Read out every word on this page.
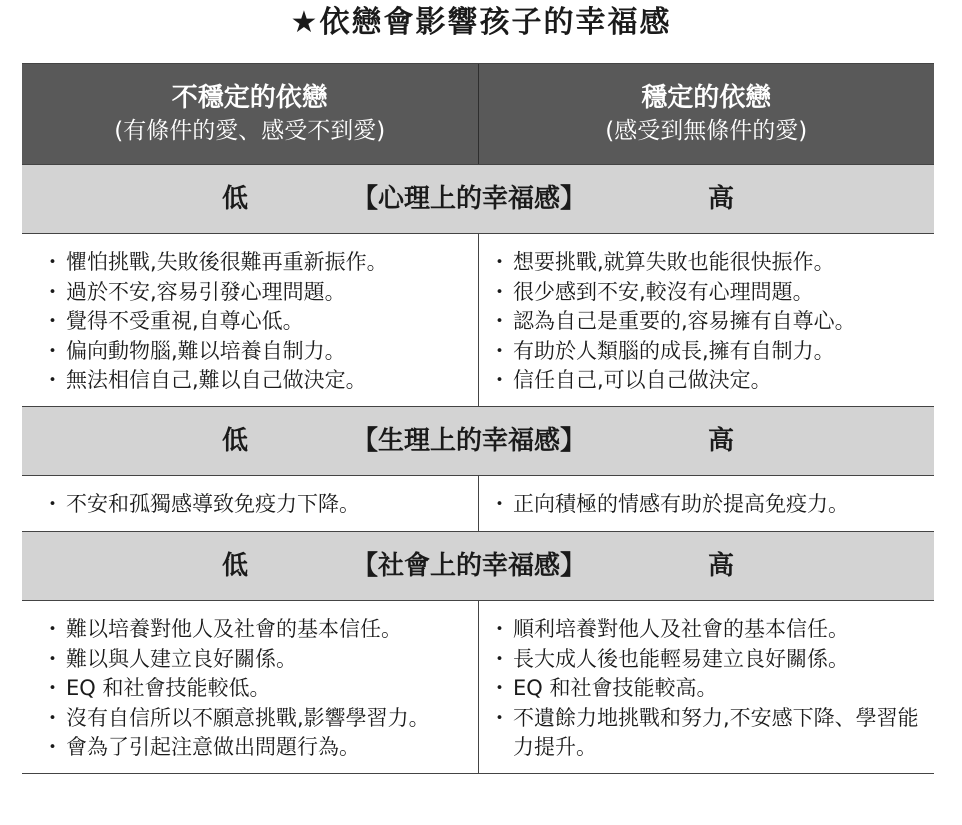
★依戀會影響孩子的幸福感
不穩定的依戀
(有條件的愛、感受不到愛)
穩定的依戀
(感受到無條件的愛)
低	【心理上的幸福感】	高
・ 懼怕挑戰,失敗後很難再重新振作。
・ 過於不安,容易引發心理問題。
・ 覺得不受重視,自尊心低。
・ 偏向動物腦,難以培養自制力。
・ 無法相信自己,難以自己做決定。
・ 想要挑戰,就算失敗也能很快振作。
・ 很少感到不安,較沒有心理問題。
・ 認為自己是重要的,容易擁有自尊心。
・ 有助於人類腦的成長,擁有自制力。
・ 信任自己,可以自己做決定。
低	【生理上的幸福感】	高
・ 不安和孤獨感導致免疫力下降。
・	正向積極的情感有助於提高免疫力。
低	【社會上的幸福感】	高
・ 難以培養對他人及社會的基本信任。
・ 難以與人建立良好關係。
・ EQ 和社會技能較低。
・ 沒有自信所以不願意挑戰,影響學習力。
・ 會為了引起注意做出問題行為。
・ 順利培養對他人及社會的基本信任。
・ 長大成人後也能輕易建立良好關係。
・ EQ 和社會技能較高。
・ 不遺餘力地挑戰和努力,不安感下降、學習能力提升。
